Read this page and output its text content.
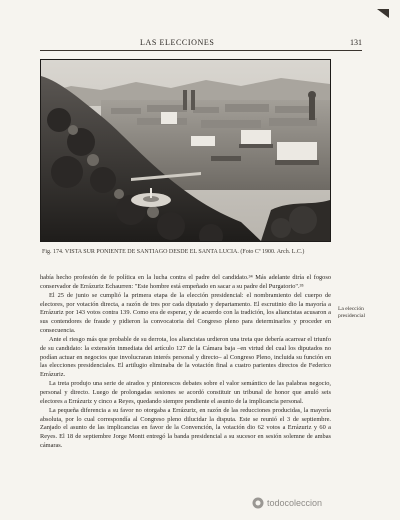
LAS ELECCIONES	131
Fig. 174. VISTA SUR PONIENTE DE SANTIAGO DESDE EL SANTA LUCIA. (Foto Cª 1900. Arch. L.C.)

había hecho profesión de fe política en la lucha contra el padre del candidato.³⁴ Más adelante diría el fogoso conservador de Errázuriz Echaurren: "Este hombre está empeñado en sacar a su padre del Purgatorio".³⁵

El 25 de junio se cumplió la primera etapa de la elección presidencial: el nombramiento del cuerpo de electores, por votación directa, a razón de tres por cada diputado y departamento. El escrutinio dio la mayoría a Errázuriz por 143 votos contra 139. Como era de esperar, y de acuerdo con la tradición, los aliancistas acusaron a sus contendores de fraude y pidieron la convocatoria del Congreso pleno para determinarlos y proceder en consecuencia.

Ante el riesgo más que probable de su derrota, los aliancistas urdieron una treta que debería acarrear el triunfo de su candidato: la extensión inmediata del artículo 127 de la Cámara baja –en virtud del cual los diputados no podían actuar en negocios que involucraran interés personal y directo– al Congreso Pleno, incluida su función en las elecciones presidenciales. El artilugio eliminaba de la votación final a cuatro parientes directos de Federico Errázuriz.

La treta produjo una serie de airados y pintorescos debates sobre el valor semántico de las palabras negocio, personal y directo. Luego de prolongadas sesiones se acordó constituir un tribunal de honor que anuló seis electores a Errázuriz y cinco a Reyes, quedando siempre pendiente el asunto de la implicancia personal.

La pequeña diferencia a su favor no otorgaba a Errázuriz, en razón de las reducciones producidas, la mayoría absoluta, por lo cual correspondía al Congreso pleno dilucidar la disputa. Este se reunió el 3 de septiembre. Zanjado el asunto de las implicancias en favor de la Convención, la votación dio 62 votos a Errázuriz y 60 a Reyes. El 18 de septiembre Jorge Montt entregó la banda presidencial a su sucesor en sesión solemne de ambas cámaras.

La elección presidencial
todocoleccion
